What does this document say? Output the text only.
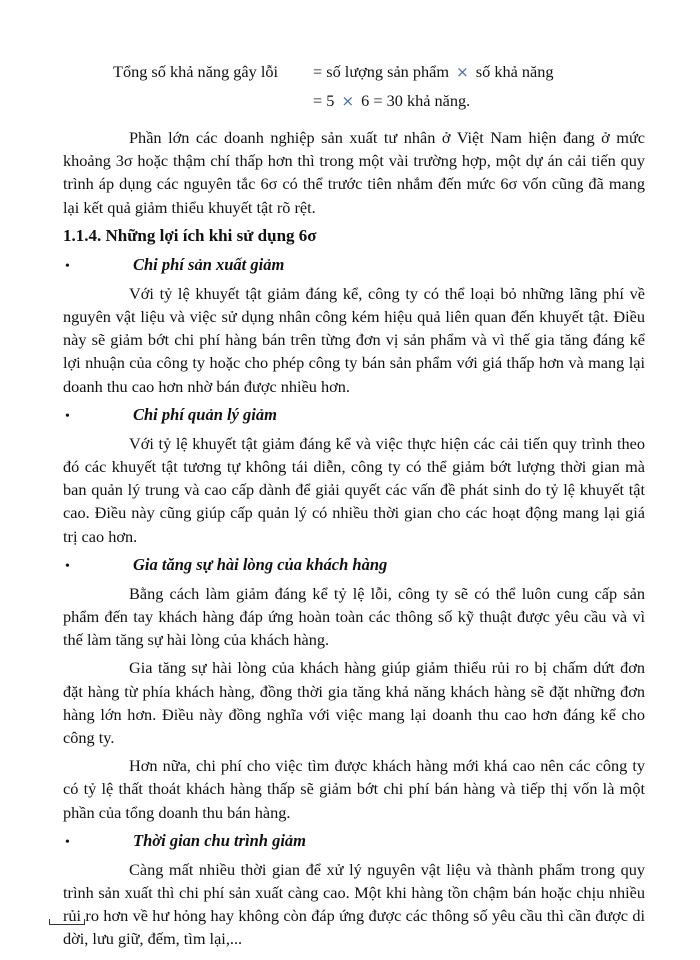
Tổng số khả năng gây lỗi = số lượng sản phẩm × số khả năng
= 5 × 6 = 30 khả năng.

Phần lớn các doanh nghiệp sản xuất tư nhân ở Việt Nam hiện đang ở mức khoảng 3σ hoặc thậm chí thấp hơn thì trong một vài trường hợp, một dự án cải tiến quy trình áp dụng các nguyên tắc 6σ có thể trước tiên nhắm đến mức 6σ vốn cũng đã mang lại kết quả giảm thiểu khuyết tật rõ rệt.

1.1.4. Những lợi ích khi sử dụng 6σ
•	Chi phí sản xuất giảm

Với tỷ lệ khuyết tật giảm đáng kể, công ty có thể loại bỏ những lãng phí về nguyên vật liệu và việc sử dụng nhân công kém hiệu quả liên quan đến khuyết tật. Điều này sẽ giảm bớt chi phí hàng bán trên từng đơn vị sản phẩm và vì thế gia tăng đáng kể lợi nhuận của công ty hoặc cho phép công ty bán sản phẩm với giá thấp hơn và mang lại doanh thu cao hơn nhờ bán được nhiều hơn.

•	Chi phí quản lý giảm

Với tỷ lệ khuyết tật giảm đáng kể và việc thực hiện các cải tiến quy trình theo đó các khuyết tật tương tự không tái diễn, công ty có thể giảm bớt lượng thời gian mà ban quản lý trung và cao cấp dành để giải quyết các vấn đề phát sinh do tỷ lệ khuyết tật cao. Điều này cũng giúp cấp quản lý có nhiều thời gian cho các hoạt động mang lại giá trị cao hơn.

•	Gia tăng sự hài lòng của khách hàng

Bằng cách làm giảm đáng kể tỷ lệ lỗi, công ty sẽ có thể luôn cung cấp sản phẩm đến tay khách hàng đáp ứng hoàn toàn các thông số kỹ thuật được yêu cầu và vì thế làm tăng sự hài lòng của khách hàng.

Gia tăng sự hài lòng của khách hàng giúp giảm thiểu rủi ro bị chấm dứt đơn đặt hàng từ phía khách hàng, đồng thời gia tăng khả năng khách hàng sẽ đặt những đơn hàng lớn hơn. Điều này đồng nghĩa với việc mang lại doanh thu cao hơn đáng kể cho công ty.

Hơn nữa, chi phí cho việc tìm được khách hàng mới khá cao nên các công ty có tỷ lệ thất thoát khách hàng thấp sẽ giảm bớt chi phí bán hàng và tiếp thị vốn là một phần của tổng doanh thu bán hàng.

•	Thời gian chu trình giảm

Càng mất nhiều thời gian để xử lý nguyên vật liệu và thành phẩm trong quy trình sản xuất thì chi phí sản xuất càng cao. Một khi hàng tồn chậm bán hoặc chịu nhiều rủi ro hơn về hư hỏng hay không còn đáp ứng được các thông số yêu cầu thì cần được di dời, lưu giữ, đếm, tìm lại,...
